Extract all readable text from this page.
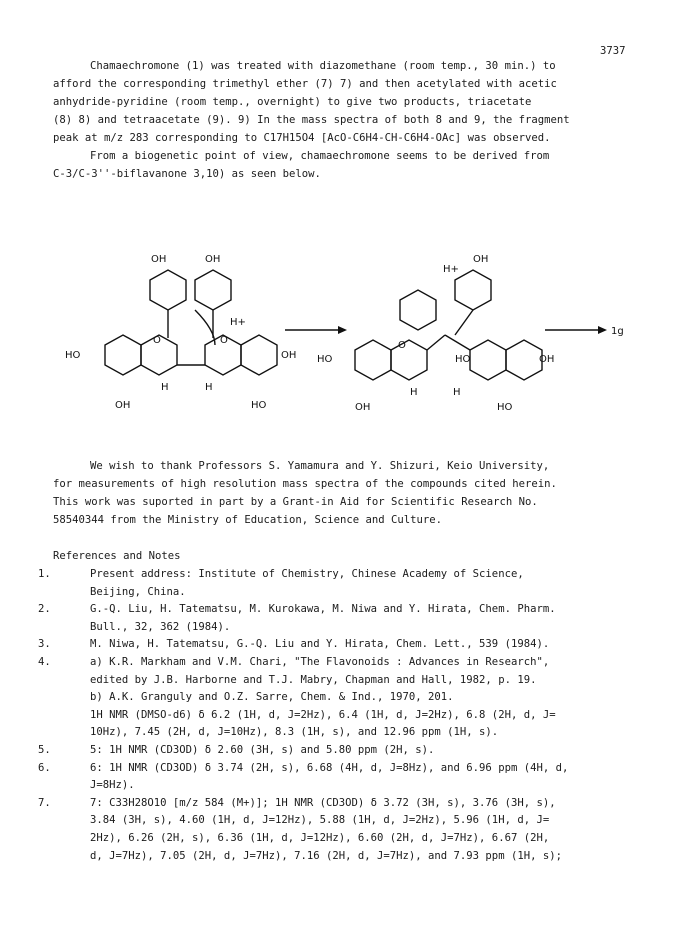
3737
Chamaechromone (1) was treated with diazomethane (room temp., 30 min.) to
afford the corresponding trimethyl ether (7) 7) and then acetylated with acetic
anhydride-pyridine (room temp., overnight) to give two products, triacetate
(8) 8) and tetraacetate (9). 9) In the mass spectra of both 8 and 9, the fragment
peak at m/z 283 corresponding to C17H15O4 [AcO-C6H4-CH-C6H4-OAc] was observed.
From a biogenetic point of view, chamaechromone seems to be derived from
C-3/C-3''-biflavanone 3,10) as seen below.
OH	OH
HO	OH
OH	HO
O	O
H	H
H+
H+
OH
HO	HO	OH
OH	HO
O
H	H
1g
We wish to thank Professors S. Yamamura and Y. Shizuri, Keio University,
for measurements of high resolution mass spectra of the compounds cited herein.
This work was suported in part by a Grant-in Aid for Scientific Research No.
58540344 from the Ministry of Education, Science and Culture.
References and Notes
1.	Present address: Institute of Chemistry, Chinese Academy of Science,
Beijing, China.
2.	G.-Q. Liu, H. Tatematsu, M. Kurokawa, M. Niwa and Y. Hirata, Chem. Pharm.
Bull., 32, 362 (1984).
3.	M. Niwa, H. Tatematsu, G.-Q. Liu and Y. Hirata, Chem. Lett., 539 (1984).
4.	a) K.R. Markham and V.M. Chari, "The Flavonoids : Advances in Research",
edited by J.B. Harborne and T.J. Mabry, Chapman and Hall, 1982, p. 19.
b) A.K. Granguly and O.Z. Sarre, Chem. & Ind., 1970, 201.
1H NMR (DMSO-d6) δ 6.2 (1H, d, J=2Hz), 6.4 (1H, d, J=2Hz), 6.8 (2H, d, J=
10Hz), 7.45 (2H, d, J=10Hz), 8.3 (1H, s), and 12.96 ppm (1H, s).
5.	5: 1H NMR (CD3OD) δ 2.60 (3H, s) and 5.80 ppm (2H, s).
6.	6: 1H NMR (CD3OD) δ 3.74 (2H, s), 6.68 (4H, d, J=8Hz), and 6.96 ppm (4H, d,
J=8Hz).
7.	7: C33H28O10 [m/z 584 (M+)]; 1H NMR (CD3OD) δ 3.72 (3H, s), 3.76 (3H, s),
3.84 (3H, s), 4.60 (1H, d, J=12Hz), 5.88 (1H, d, J=2Hz), 5.96 (1H, d, J=
2Hz), 6.26 (2H, s), 6.36 (1H, d, J=12Hz), 6.60 (2H, d, J=7Hz), 6.67 (2H,
d, J=7Hz), 7.05 (2H, d, J=7Hz), 7.16 (2H, d, J=7Hz), and 7.93 ppm (1H, s);
